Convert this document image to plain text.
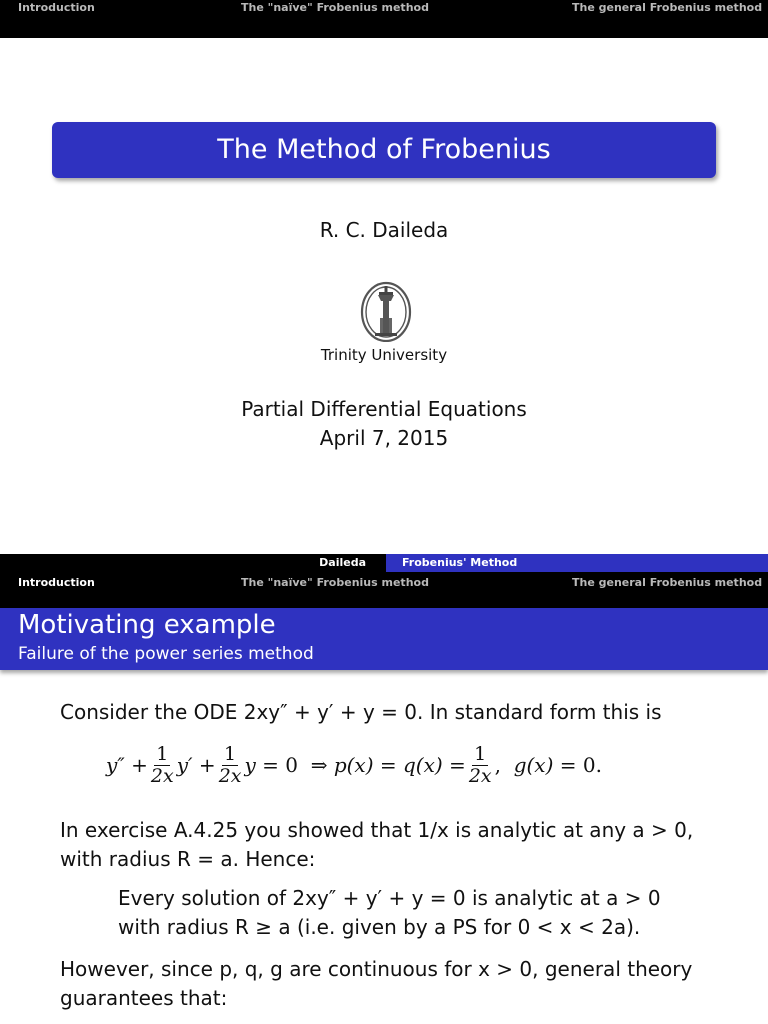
Introduction	The "naïve" Frobenius method	The general Frobenius method
The Method of Frobenius
R. C. Daileda
Trinity University
Partial Differential Equations
April 7, 2015
Daileda	Frobenius' Method
Introduction	The "naïve" Frobenius method	The general Frobenius method
Motivating example
Failure of the power series method
Consider the ODE 2xy″ + y′ + y = 0. In standard form this is
$y'' + \frac{1}{2x} y' + \frac{1}{2x}$ y = 0  ⇒ $p(x) = q(x) = \frac{1}{2x}$ , g(x) = 0.
In exercise A.4.25 you showed that 1/x is analytic at any a > 0,
with radius R = a. Hence:
Every solution of 2xy″ + y′ + y = 0 is analytic at a > 0
with radius R ≥ a (i.e. given by a PS for 0 < x < 2a).
However, since p, q, g are continuous for x > 0, general theory
guarantees that:
